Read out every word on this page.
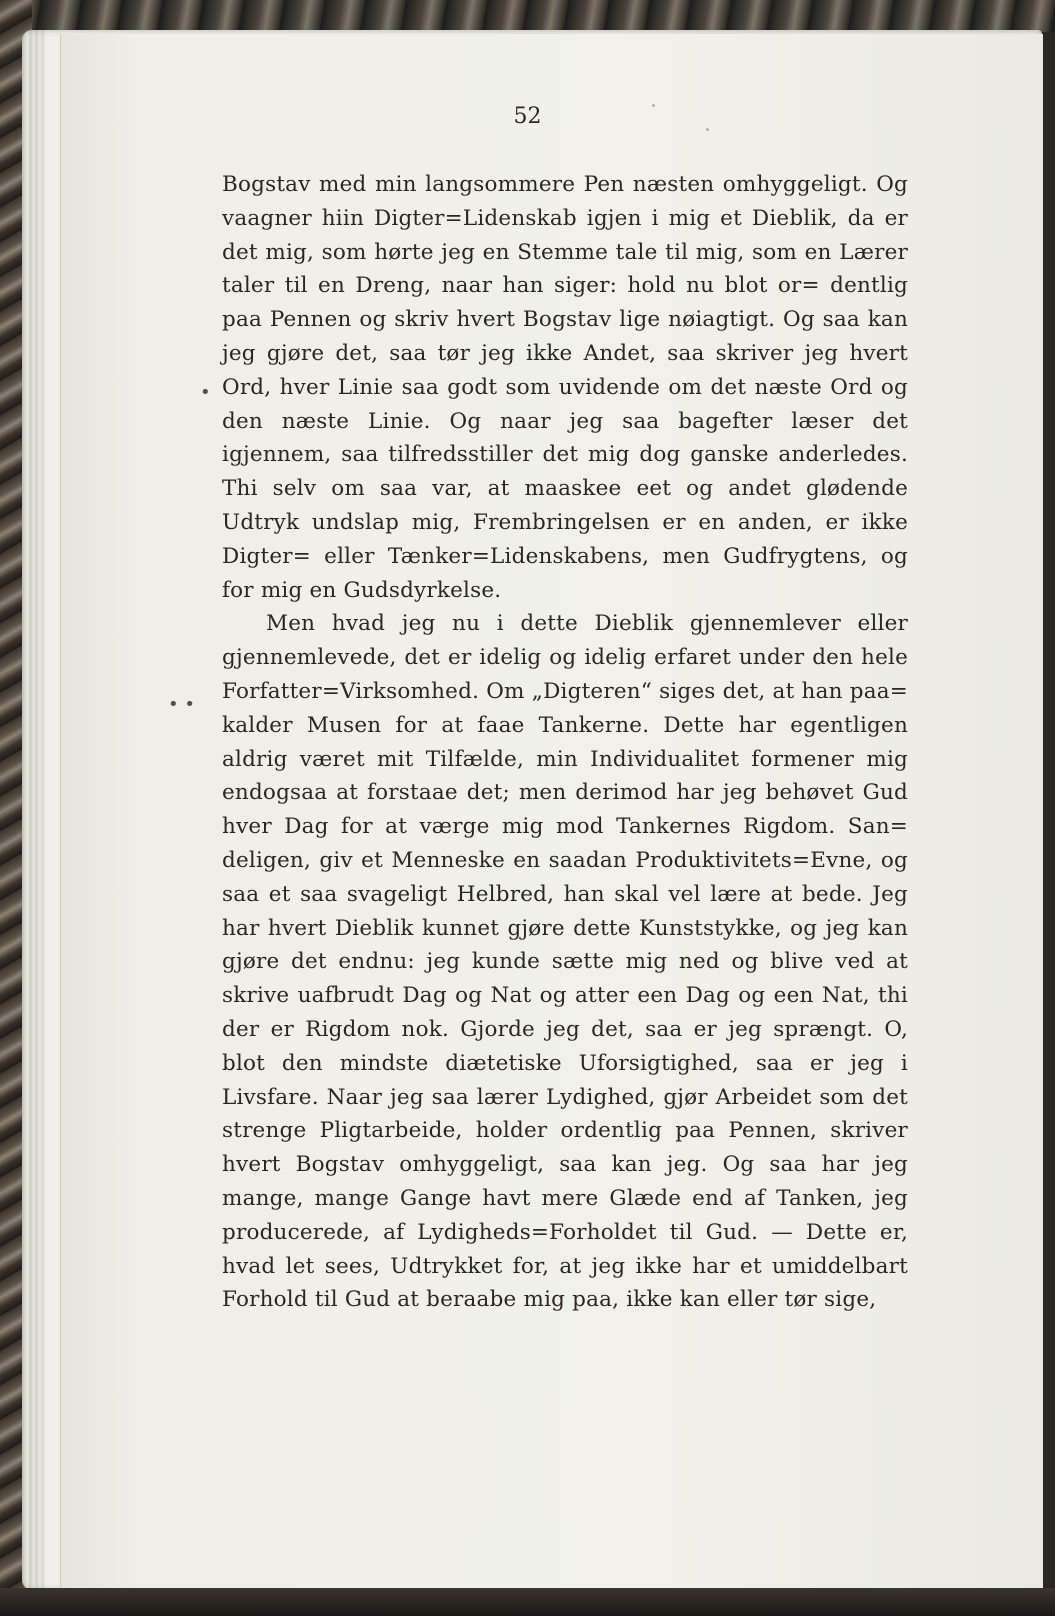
52
•
• •

Bogstav med min langsommere Pen næsten omhyggeligt. Og vaagner hiin Digter=Lidenskab igjen i mig et Dieblik, da er det mig, som hørte jeg en Stemme tale til mig, som en Lærer taler til en Dreng, naar han siger: hold nu blot or= dentlig paa Pennen og skriv hvert Bogstav lige nøiagtigt. Og saa kan jeg gjøre det, saa tør jeg ikke Andet, saa skriver jeg hvert Ord, hver Linie saa godt som uvidende om det næste Ord og den næste Linie. Og naar jeg saa bagefter læser det igjennem, saa tilfredsstiller det mig dog ganske anderledes. Thi selv om saa var, at maaskee eet og andet glødende Udtryk undslap mig, Frembringelsen er en anden, er ikke Digter= eller Tænker=Lidenskabens, men Gudfrygtens, og for mig en Gudsdyrkelse.

Men hvad jeg nu i dette Dieblik gjennemlever eller gjennemlevede, det er idelig og idelig erfaret under den hele Forfatter=Virksomhed. Om „Digteren“ siges det, at han paa= kalder Musen for at faae Tankerne. Dette har egentligen aldrig været mit Tilfælde, min Individualitet formener mig endogsaa at forstaae det; men derimod har jeg behøvet Gud hver Dag for at værge mig mod Tankernes Rigdom. San= deligen, giv et Menneske en saadan Produktivitets=Evne, og saa et saa svageligt Helbred, han skal vel lære at bede. Jeg har hvert Dieblik kunnet gjøre dette Kunststykke, og jeg kan gjøre det endnu: jeg kunde sætte mig ned og blive ved at skrive uafbrudt Dag og Nat og atter een Dag og een Nat, thi der er Rigdom nok. Gjorde jeg det, saa er jeg sprængt. O, blot den mindste diætetiske Uforsigtighed, saa er jeg i Livsfare. Naar jeg saa lærer Lydighed, gjør Arbeidet som det strenge Pligtarbeide, holder ordentlig paa Pennen, skriver hvert Bogstav omhyggeligt, saa kan jeg. Og saa har jeg mange, mange Gange havt mere Glæde end af Tanken, jeg producerede, af Lydigheds=Forholdet til Gud. — Dette er, hvad let sees, Udtrykket for, at jeg ikke har et umiddelbart Forhold til Gud at beraabe mig paa, ikke kan eller tør sige,
